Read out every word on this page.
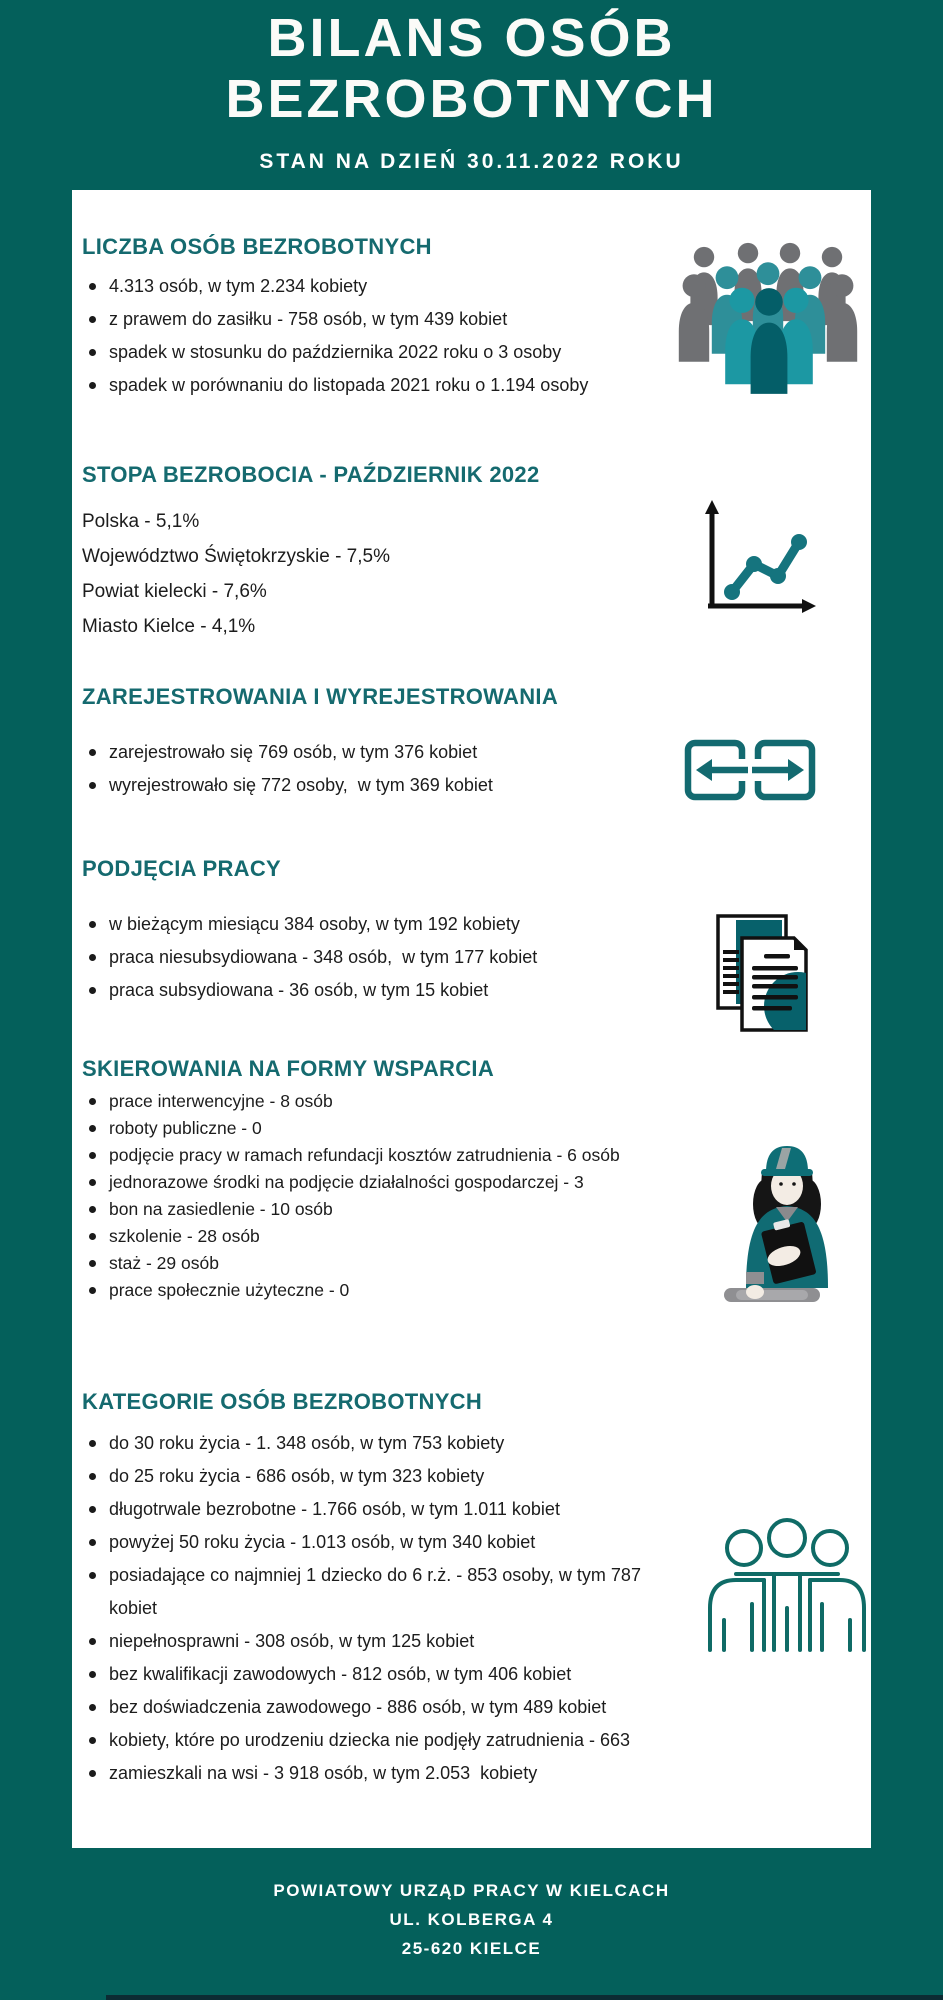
BILANS OSÓB
BEZROBOTNYCH
STAN NA DZIEŃ 30.11.2022 ROKU
LICZBA OSÓB BEZROBOTNYCH
4.313 osób, w tym 2.234 kobiety
z prawem do zasiłku - 758 osób, w tym 439 kobiet
spadek w stosunku do października 2022 roku o 3 osoby
spadek w porównaniu do listopada 2021 roku o 1.194 osoby
STOPA BEZROBOCIA - PAŹDZIERNIK 2022

Polska - 5,1%

Województwo Świętokrzyskie - 7,5%

Powiat kielecki - 7,6%

Miasto Kielce - 4,1%

ZAREJESTROWANIA I WYREJESTROWANIA
zarejestrowało się 769 osób, w tym 376 kobiet
wyrejestrowało się 772 osoby,  w tym 369 kobiet
PODJĘCIA PRACY
w bieżącym miesiącu 384 osoby, w tym 192 kobiety
praca niesubsydiowana - 348 osób,  w tym 177 kobiet
praca subsydiowana - 36 osób, w tym 15 kobiet
SKIEROWANIA NA FORMY WSPARCIA
prace interwencyjne - 8 osób
roboty publiczne - 0
podjęcie pracy w ramach refundacji kosztów zatrudnienia - 6 osób
jednorazowe środki na podjęcie działalności gospodarczej - 3
bon na zasiedlenie - 10 osób
szkolenie - 28 osób
staż - 29 osób
prace społecznie użyteczne - 0
KATEGORIE OSÓB BEZROBOTNYCH
do 30 roku życia - 1. 348 osób, w tym 753 kobiety
do 25 roku życia - 686 osób, w tym 323 kobiety
długotrwale bezrobotne - 1.766 osób, w tym 1.011 kobiet
powyżej 50 roku życia - 1.013 osób, w tym 340 kobiet
posiadające co najmniej 1 dziecko do 6 r.ż. - 853 osoby, w tym 787 kobiet
niepełnosprawni - 308 osób, w tym 125 kobiet
bez kwalifikacji zawodowych - 812 osób, w tym 406 kobiet
bez doświadczenia zawodowego - 886 osób, w tym 489 kobiet
kobiety, które po urodzeniu dziecka nie podjęły zatrudnienia - 663
zamieszkali na wsi - 3 918 osób, w tym 2.053  kobiety
POWIATOWY URZĄD PRACY W KIELCACH
UL. KOLBERGA 4
25-620 KIELCE
